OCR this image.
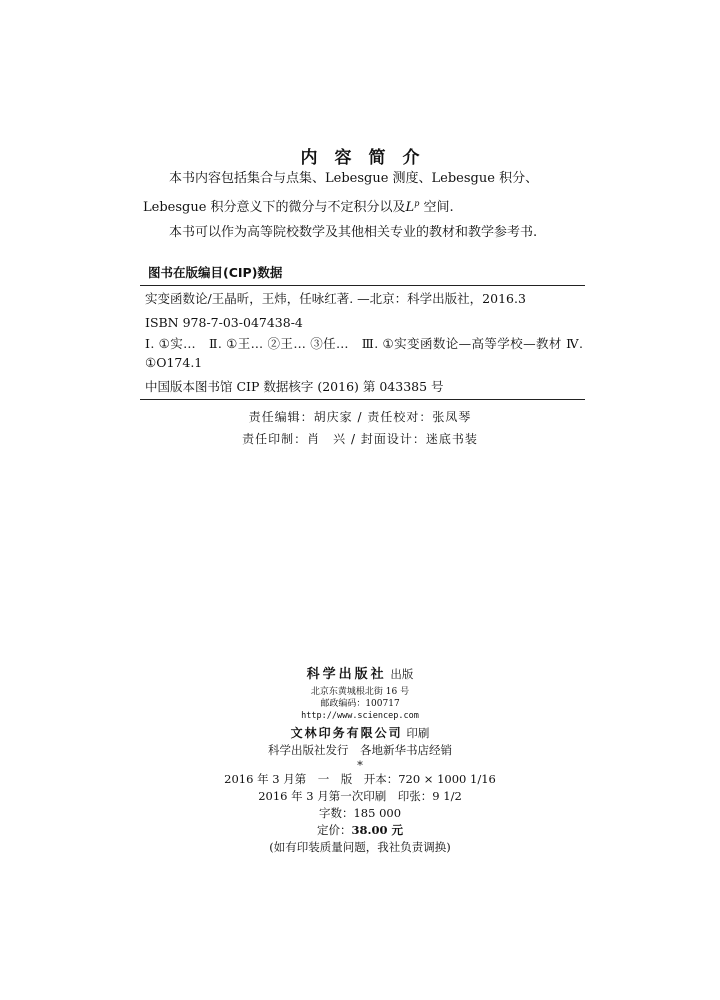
内容简介

本书内容包括集合与点集、Lebesgue 测度、Lebesgue 积分、Lebesgue 积分意义下的微分与不定积分以及$L^p$ 空间.

本书可以作为高等院校数学及其他相关专业的教材和教学参考书.

图书在版编目(CIP)数据
实变函数论/王晶昕，王炜，任咏红著. —北京：科学出版社，2016.3
ISBN 978-7-03-047438-4
Ⅰ. ①实…　Ⅱ. ①王… ②王… ③任…　Ⅲ. ①实变函数论—高等学校—教材 Ⅳ. ①O174.1
中国版本图书馆 CIP 数据核字 (2016) 第 043385 号
责任编辑：胡庆家 / 责任校对：张凤琴
责任印制：肖　兴 / 封面设计：迷底书装
科学出版社 出版
北京东黄城根北街 16 号
邮政编码：100717
http://www.sciencep.com
文林印务有限公司 印刷
科学出版社发行　各地新华书店经销
*
2016 年 3 月第　一　版　开本：720 × 1000 1/16
2016 年 3 月第一次印刷　印张：9 1/2
字数：185 000
定价：38.00 元
(如有印装质量问题，我社负责调换)
